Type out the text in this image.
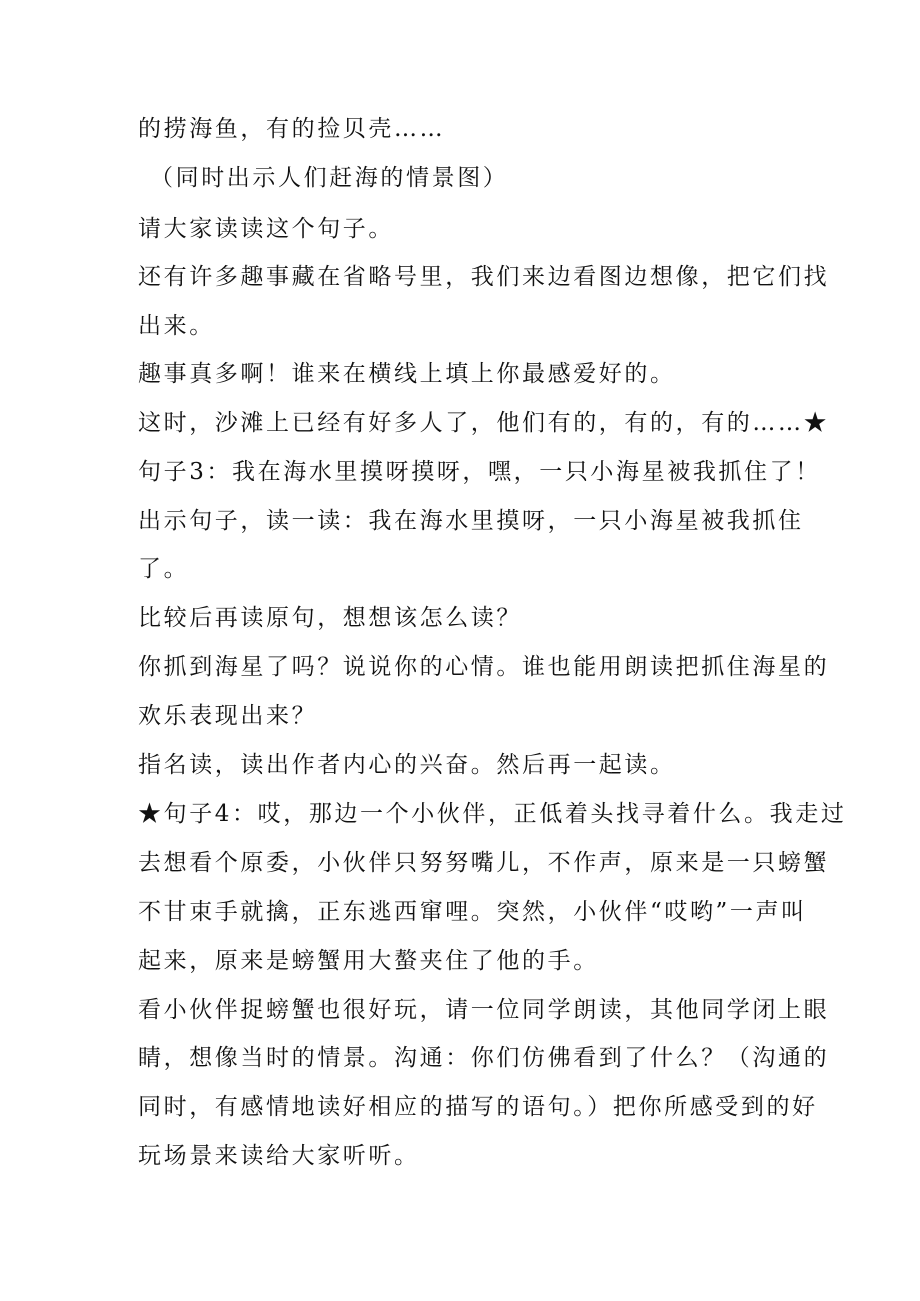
的捞海鱼，有的捡贝壳……
（同时出示人们赶海的情景图）
请大家读读这个句子。
还有许多趣事藏在省略号里，我们来边看图边想像，把它们找
出来。
趣事真多啊！谁来在横线上填上你最感爱好的。
这时，沙滩上已经有好多人了，他们有的，有的，有的……★
句子3：我在海水里摸呀摸呀，嘿，一只小海星被我抓住了！
出示句子，读一读：我在海水里摸呀，一只小海星被我抓住
了。
比较后再读原句，想想该怎么读？
你抓到海星了吗？说说你的心情。谁也能用朗读把抓住海星的
欢乐表现出来？
指名读，读出作者内心的兴奋。然后再一起读。
★句子4：哎，那边一个小伙伴，正低着头找寻着什么。我走过
去想看个原委，小伙伴只努努嘴儿，不作声，原来是一只螃蟹
不甘束手就擒，正东逃西窜哩。突然，小伙伴“哎哟”一声叫
起来，原来是螃蟹用大螯夹住了他的手。
看小伙伴捉螃蟹也很好玩，请一位同学朗读，其他同学闭上眼
睛，想像当时的情景。沟通：你们仿佛看到了什么？（沟通的
同时，有感情地读好相应的描写的语句。）把你所感受到的好
玩场景来读给大家听听。
